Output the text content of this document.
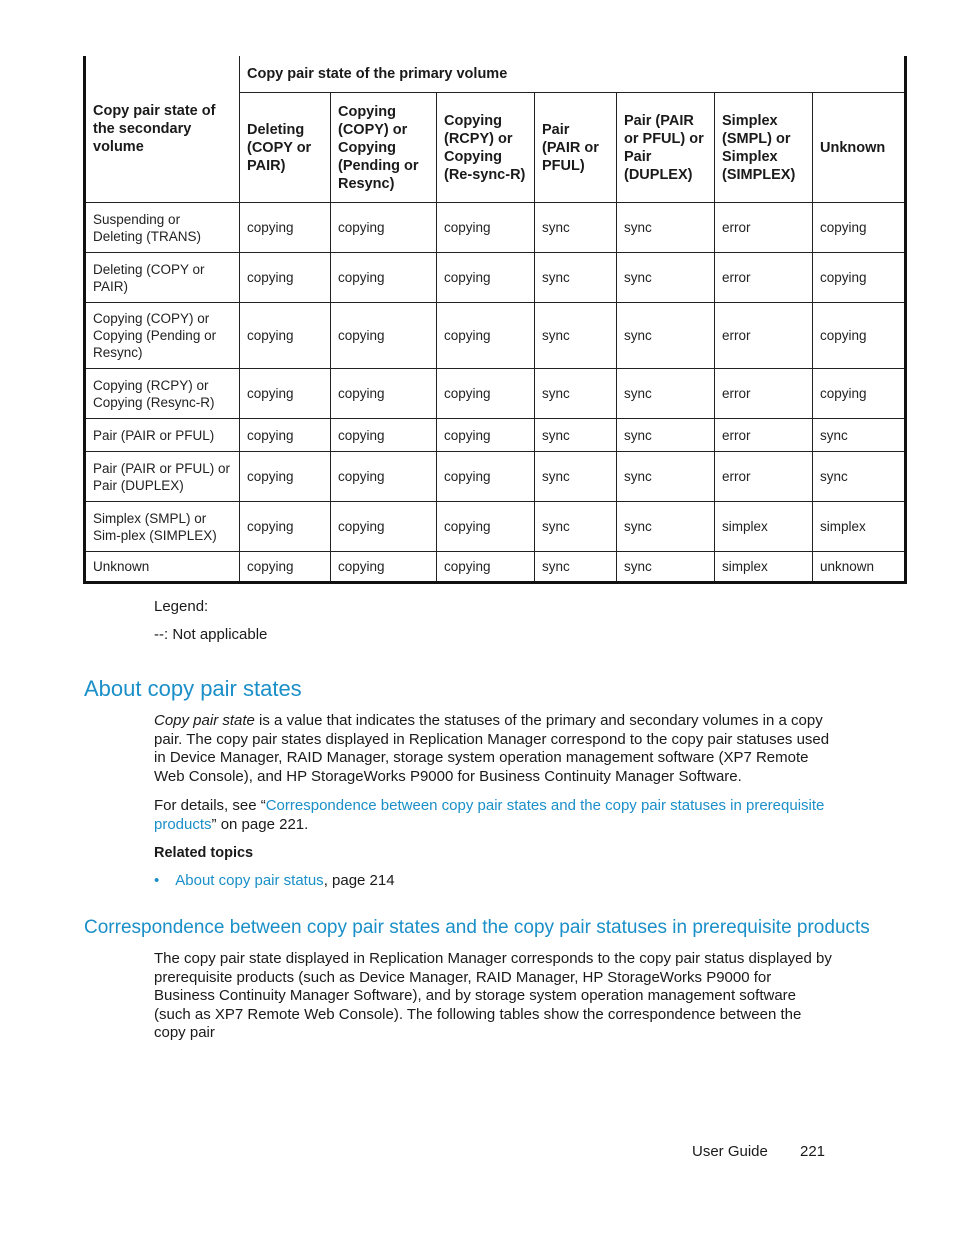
Copy pair state of the secondary volume	Copy pair state of the primary volume						
	Deleting (COPY or PAIR)	Copying (COPY) or Copying (Pending or Resync)	Copying (RCPY) or Copying (Re-sync-R)	Pair (PAIR or PFUL)	Pair (PAIR or PFUL) or Pair (DUPLEX)	Simplex (SMPL) or Simplex (SIMPLEX)	Unknown
Suspending or Deleting (TRANS)	copying	copying	copying	sync	sync	error	copying
Deleting (COPY or PAIR)	copying	copying	copying	sync	sync	error	copying
Copying (COPY) or Copying (Pending or Resync)	copying	copying	copying	sync	sync	error	copying
Copying (RCPY) or Copying (Resync-R)	copying	copying	copying	sync	sync	error	copying
Pair (PAIR or PFUL)	copying	copying	copying	sync	sync	error	sync
Pair (PAIR or PFUL) or Pair (DUPLEX)	copying	copying	copying	sync	sync	error	sync
Simplex (SMPL) or Sim-plex (SIMPLEX)	copying	copying	copying	sync	sync	simplex	simplex
Unknown	copying	copying	copying	sync	sync	simplex	unknown
Legend:
--: Not applicable
About copy pair states

Copy pair state is a value that indicates the statuses of the primary and secondary volumes in a copy pair. The copy pair states displayed in Replication Manager correspond to the copy pair statuses used in Device Manager, RAID Manager, storage system operation management software (XP7 Remote Web Console), and HP StorageWorks P9000 for Business Continuity Manager Software.

For details, see “Correspondence between copy pair states and the copy pair statuses in prerequisite products” on page 221.

Related topics
• About copy pair status, page 214
Correspondence between copy pair states and the copy pair statuses in prerequisite products

The copy pair state displayed in Replication Manager corresponds to the copy pair status displayed by prerequisite products (such as Device Manager, RAID Manager, HP StorageWorks P9000 for Business Continuity Manager Software), and by storage system operation management software (such as XP7 Remote Web Console). The following tables show the correspondence between the copy pair

User Guide 221
